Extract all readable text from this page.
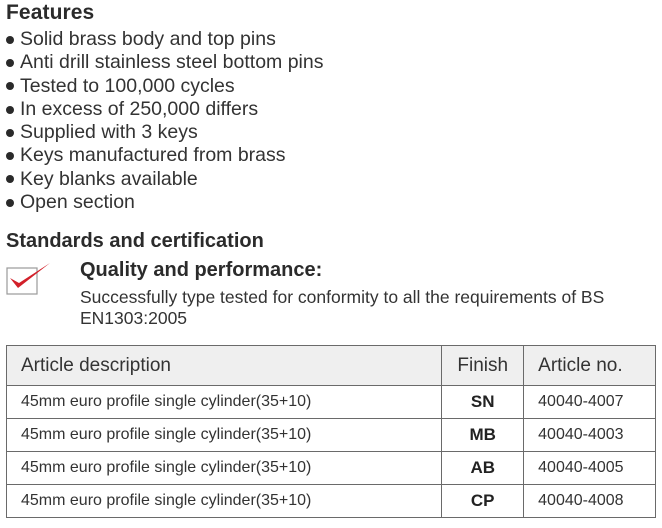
Features
Solid brass body and top pins
Anti drill stainless steel bottom pins
Tested to 100,000 cycles
In excess of 250,000 differs
Supplied with 3 keys
Keys manufactured from brass
Key blanks available
Open section
Standards and certification
Quality and performance:
Successfully type tested for conformity to all the requirements of BS EN1303:2005
Article description	Finish	Article no.
45mm euro profile single cylinder(35+10)	SN	40040-4007
45mm euro profile single cylinder(35+10)	MB	40040-4003
45mm euro profile single cylinder(35+10)	AB	40040-4005
45mm euro profile single cylinder(35+10)	CP	40040-4008
